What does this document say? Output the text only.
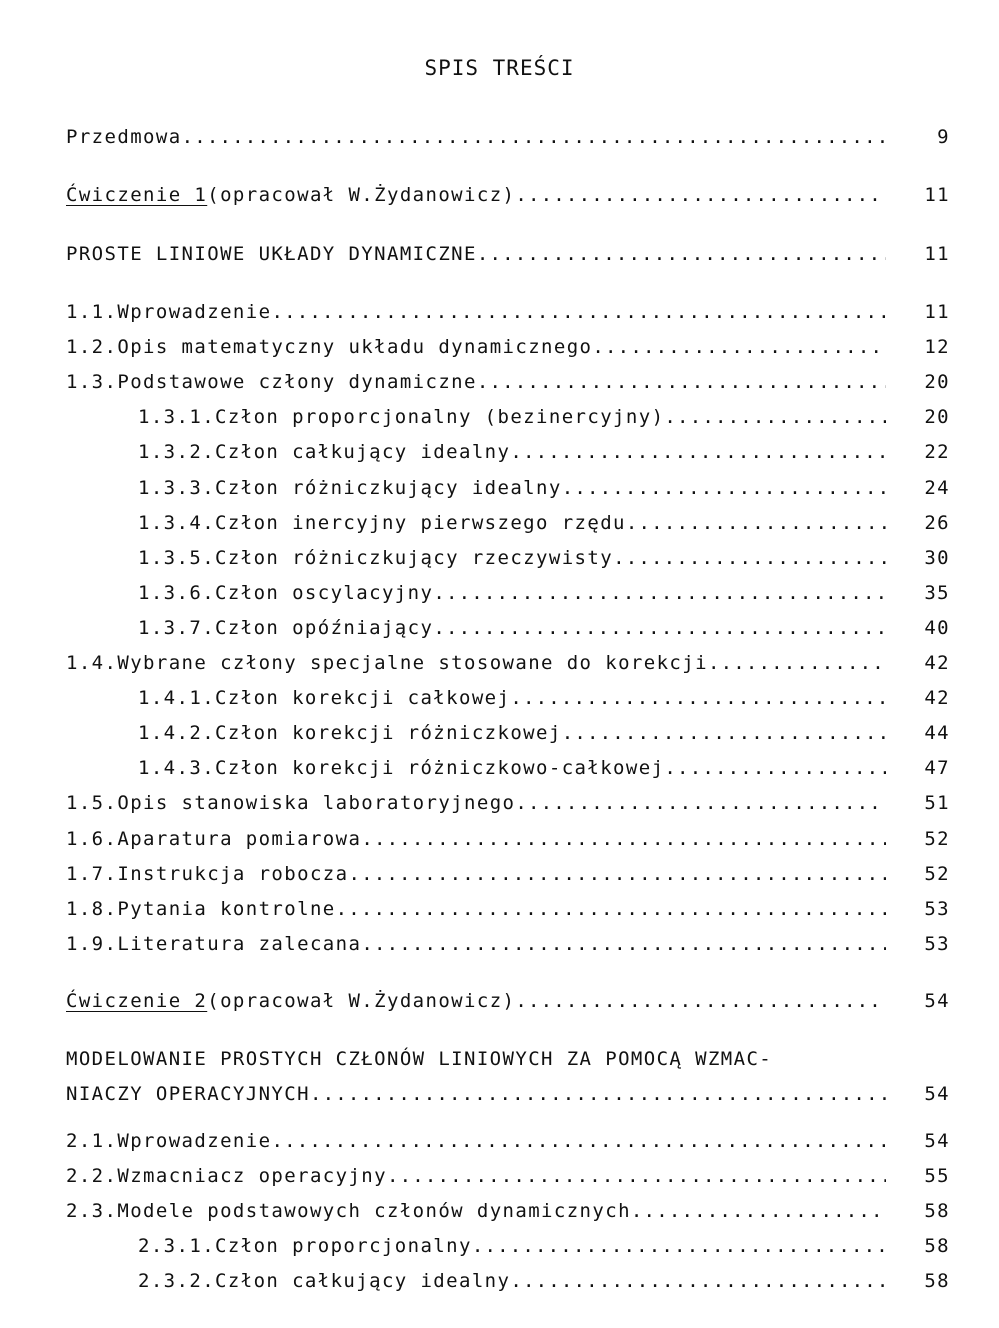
SPIS TREŚCI
Przedmowa .....	9
Ćwiczenie 1 (opracował W.Żydanowicz) .....	11
PROSTE LINIOWE UKŁADY DYNAMICZNE .....	11
1.1. Wprowadzenie .....	11
1.2. Opis matematyczny układu dynamicznego .....	12
1.3. Podstawowe człony dynamiczne .....	20
1.3.1. Człon proporcjonalny (bezinercyjny) .....	20
1.3.2. Człon całkujący idealny .....	22
1.3.3. Człon różniczkujący idealny .....	24
1.3.4. Człon inercyjny pierwszego rzędu .....	26
1.3.5. Człon różniczkujący rzeczywisty .....	30
1.3.6. Człon oscylacyjny .....	35
1.3.7. Człon opóźniający .....	40
1.4. Wybrane człony specjalne stosowane do korekcji .....	42
1.4.1. Człon korekcji całkowej .....	42
1.4.2. Człon korekcji różniczkowej .....	44
1.4.3. Człon korekcji różniczkowo-całkowej .....	47
1.5. Opis stanowiska laboratoryjnego .....	51
1.6. Aparatura pomiarowa .....	52
1.7. Instrukcja robocza .....	52
1.8. Pytania kontrolne .....	53
1.9. Literatura zalecana .....	53
Ćwiczenie 2 (opracował W.Żydanowicz) .....	54
MODELOWANIE PROSTYCH CZŁONÓW LINIOWYCH ZA POMOCĄ WZMAC-
NIACZY OPERACYJNYCH .....	54
2.1. Wprowadzenie .....	54
2.2. Wzmacniacz operacyjny .....	55
2.3. Modele podstawowych członów dynamicznych .....	58
2.3.1. Człon proporcjonalny .....	58
2.3.2. Człon całkujący idealny .....	58
